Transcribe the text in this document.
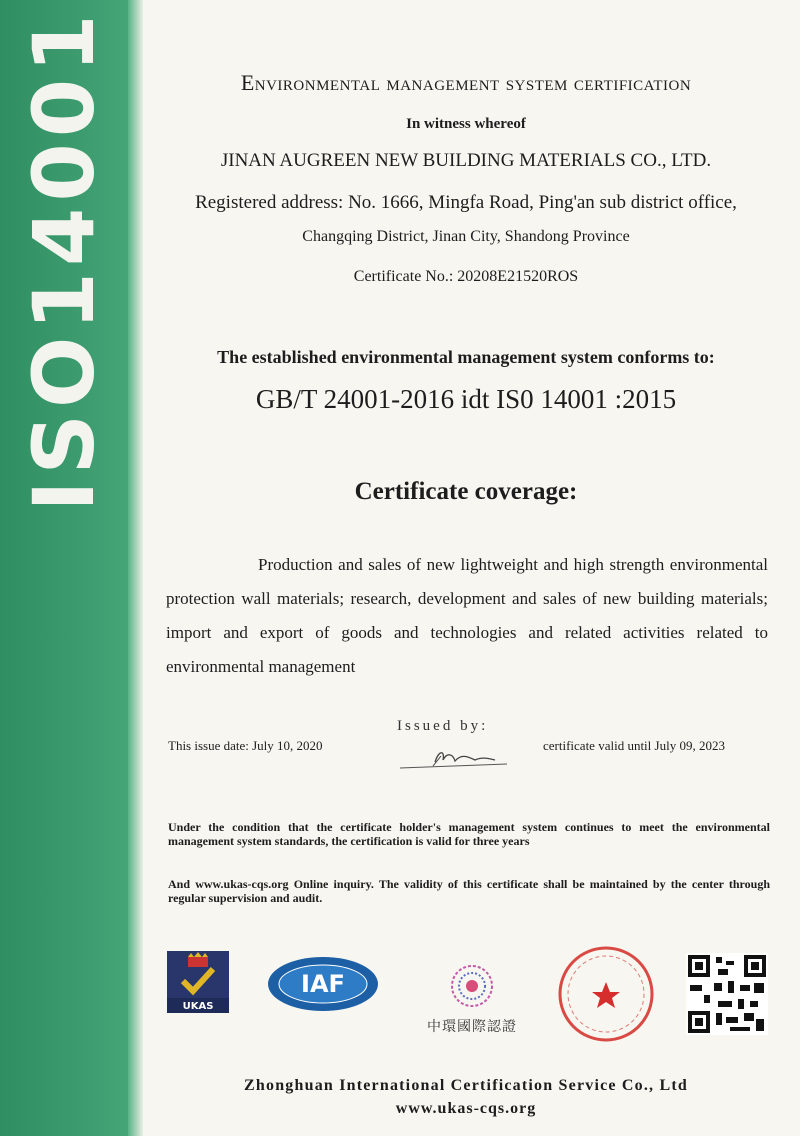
ISO14001	Environmental management system certification
In witness whereof
JINAN AUGREEN NEW BUILDING MATERIALS CO., LTD.
Registered address: No. 1666, Mingfa Road, Ping'an sub district office,
Changqing District, Jinan City, Shandong Province
Certificate No.: 20208E21520ROS
The established environmental management system conforms to:
GB/T 24001-2016 idt IS0 14001 :2015
Certificate coverage:
Production and sales of new lightweight and high strength environmental protection wall materials; research, development and sales of new building materials; import and export of goods and technologies and related activities related to environmental management
This issue date: July 10, 2020
Issued by:
certificate valid until July 09, 2023
Under the condition that the certificate holder's management system continues to meet the environmental management system standards, the certification is valid for three years
And www.ukas-cqs.org Online inquiry. The validity of this certificate shall be maintained by the center through regular supervision and audit.
UKAS
IAF
中環國際認證
Zhonghuan International Certification Service Co., Ltd
www.ukas-cqs.org
